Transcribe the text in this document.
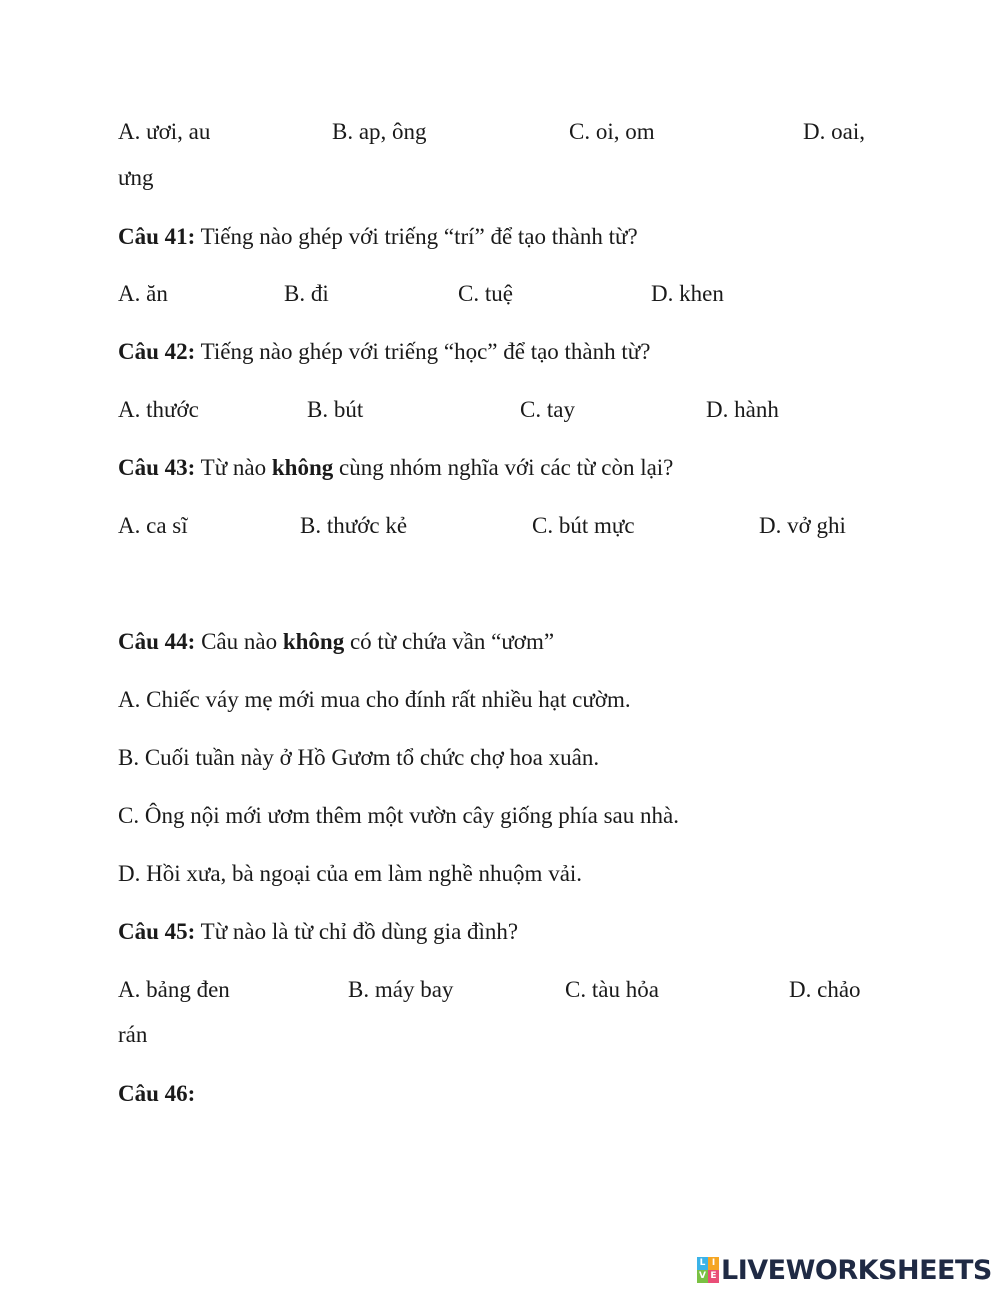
A. ươi, au	B. ap, ông	C. oi, om	D. oai,
ưng
Câu 41: Tiếng nào ghép với triếng “trí” để tạo thành từ?
A. ăn	B. đi	C. tuệ	D. khen
Câu 42: Tiếng nào ghép với triếng “học” để tạo thành từ?
A. thước	B. bút	C. tay	D. hành
Câu 43: Từ nào không cùng nhóm nghĩa với các từ còn lại?
A. ca sĩ	B. thước kẻ	C. bút mực	D. vở ghi
Câu 44: Câu nào không có từ chứa vần “ươm”
A. Chiếc váy mẹ mới mua cho đính rất nhiều hạt cườm.
B. Cuối tuần này ở Hồ Gươm tổ chức chợ hoa xuân.
C. Ông nội mới ươm thêm một vườn cây giống phía sau nhà.
D. Hồi xưa, bà ngoại của em làm nghề nhuộm vải.
Câu 45: Từ nào là từ chỉ đồ dùng gia đình?
A. bảng đen	B. máy bay	C. tàu hỏa	D. chảo
rán
Câu 46:
L I
V E LIVEWORKSHEETS
